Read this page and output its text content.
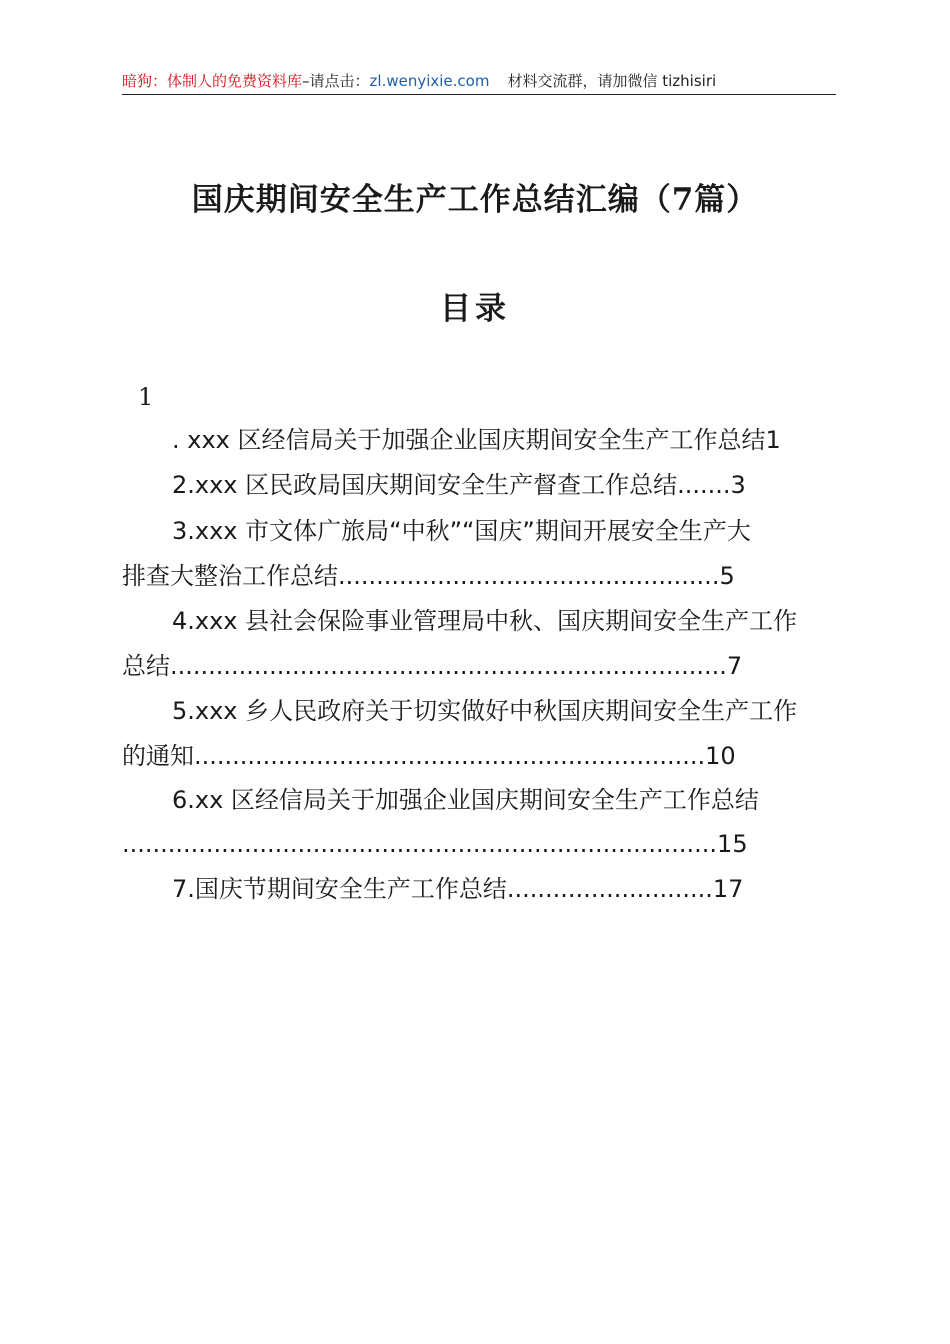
暗狗：体制人的免费资料库–请点击：zl.wenyixie.com 材料交流群，请加微信 tizhisiri
国庆期间安全生产工作总结汇编（7篇）
目录
1
. xxx 区经信局关于加强企业国庆期间安全生产工作总结1
2.xxx 区民政局国庆期间安全生产督查工作总结.......3
3.xxx 市文体广旅局“中秋”“国庆”期间开展安全生产大
排查大整治工作总结..................................................5
4.xxx 县社会保险事业管理局中秋、国庆期间安全生产工作
总结.........................................................................7
5.xxx 乡人民政府关于切实做好中秋国庆期间安全生产工作
的通知...................................................................10
6.xx 区经信局关于加强企业国庆期间安全生产工作总结
..............................................................................15
7.国庆节期间安全生产工作总结...........................17
